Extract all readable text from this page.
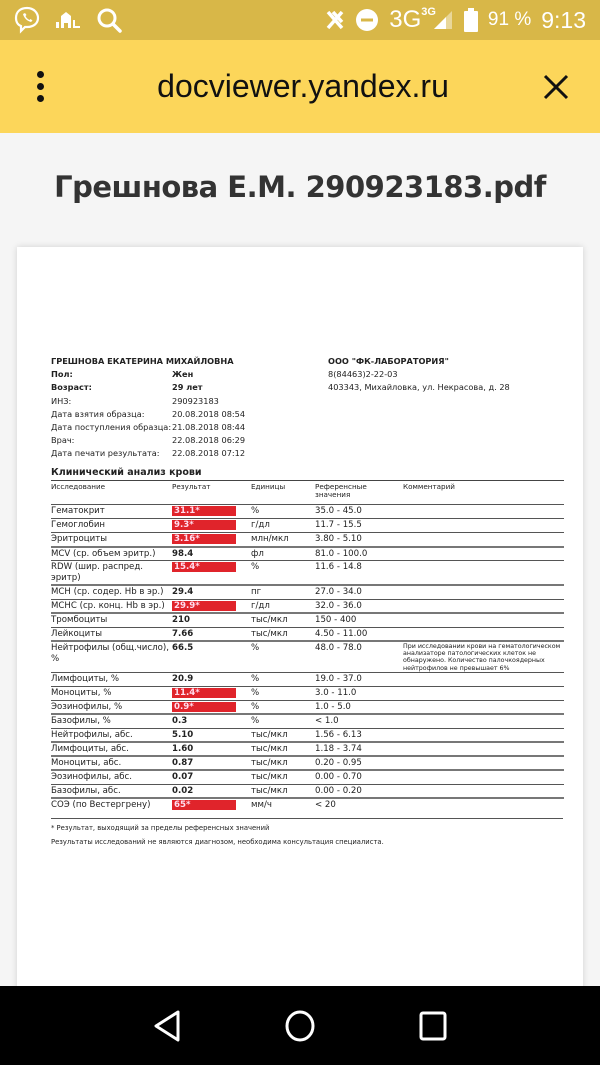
3G 3G	91 % 9:13
docviewer.yandex.ru
Грешнова Е.М. 290923183.pdf
ГРЕШНОВА ЕКАТЕРИНА МИХАЙЛОВНА
Пол:	Жен
Возраст:	29 лет
ИНЗ:	290923183
Дата взятия образца:	20.08.2018 08:54
Дата поступления образца: 21.08.2018 08:44
Врач:	22.08.2018 06:29
Дата печати результата:	22.08.2018 07:12
ООО "ФК-ЛАБОРАТОРИЯ"
8(84463)2-22-03
403343, Михайловка, ул. Некрасова, д. 28
Клинический анализ крови
Исследование	Результат	Единицы	Референсные значения	Комментарий
Гематокрит	31.1*	%	35.0 - 45.0	
Гемоглобин	9.3*	г/дл	11.7 - 15.5	
Эритроциты	3.16*	млн/мкл	3.80 - 5.10	
MCV (ср. объем эритр.)	98.4	фл	81.0 - 100.0	
RDW (шир. распред. эритр)	15.4*	%	11.6 - 14.8	
MCH (ср. содер. Hb в эр.)	29.4	пг	27.0 - 34.0	
MCHC (ср. конц. Hb в эр.)	29.9*	г/дл	32.0 - 36.0	
Тромбоциты	210	тыс/мкл	150 - 400	
Лейкоциты	7.66	тыс/мкл	4.50 - 11.00	
Нейтрофилы (общ.число), %	66.5	%	48.0 - 78.0	При исследовании крови на гематологическом анализаторе патологических клеток не обнаружено. Количество палочкоядерных нейтрофилов не превышает 6%
Лимфоциты, %	20.9	%	19.0 - 37.0	
Моноциты, %	11.4*	%	3.0 - 11.0	
Эозинофилы, %	0.9*	%	1.0 - 5.0	
Базофилы, %	0.3	%	< 1.0	
Нейтрофилы, абс.	5.10	тыс/мкл	1.56 - 6.13	
Лимфоциты, абс.	1.60	тыс/мкл	1.18 - 3.74	
Моноциты, абс.	0.87	тыс/мкл	0.20 - 0.95	
Эозинофилы, абс.	0.07	тыс/мкл	0.00 - 0.70	
Базофилы, абс.	0.02	тыс/мкл	0.00 - 0.20	
СОЭ (по Вестергрену)	65*	мм/ч	< 20	
* Результат, выходящий за пределы референсных значений
Результаты исследований не являются диагнозом, необходима консультация специалиста.
